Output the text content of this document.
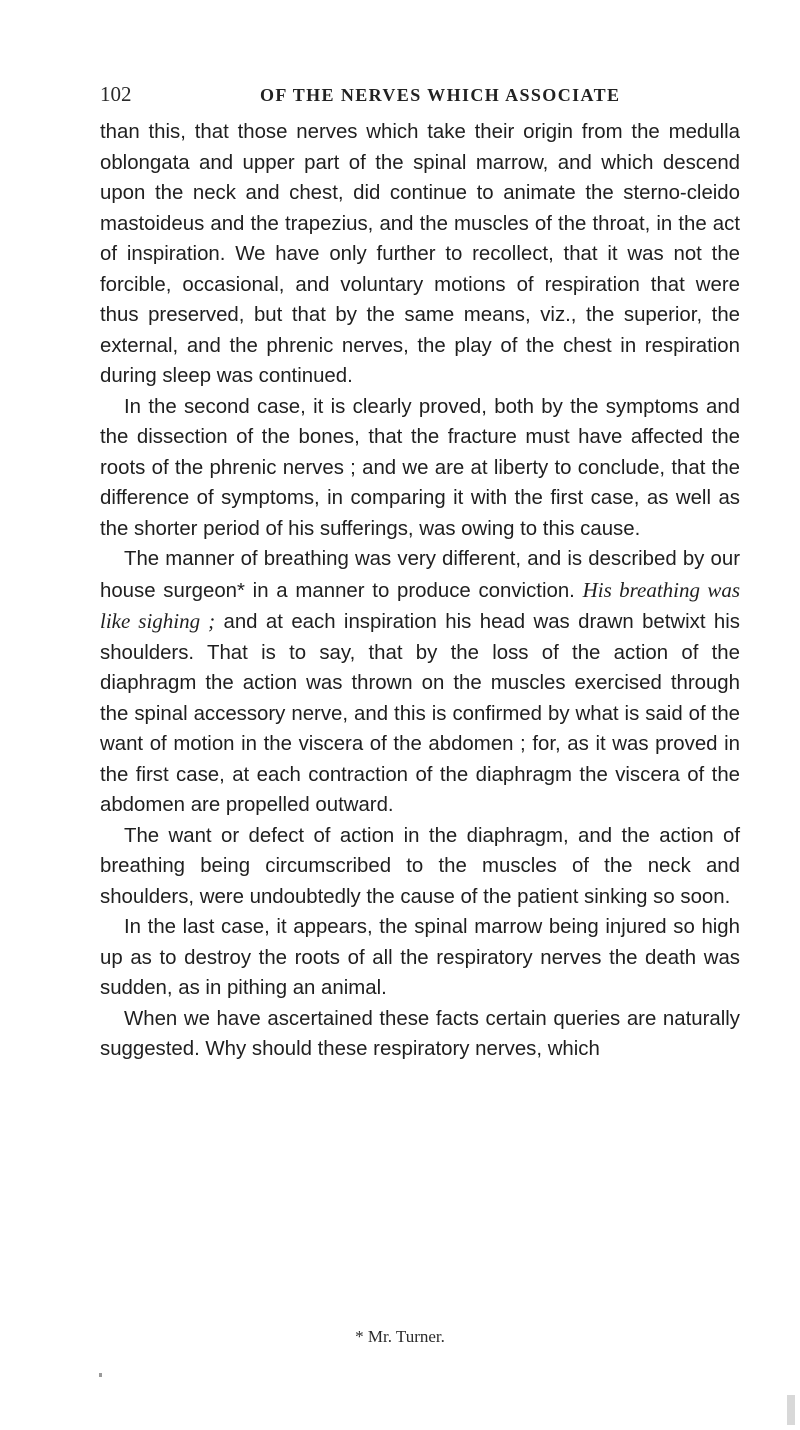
102	OF THE NERVES WHICH ASSOCIATE

than this, that those nerves which take their origin from the medulla oblongata and upper part of the spinal marrow, and which descend upon the neck and chest, did continue to animate the sterno-cleido mastoideus and the trapezius, and the muscles of the throat, in the act of inspiration. We have only further to recollect, that it was not the forcible, occasional, and voluntary motions of respiration that were thus preserved, but that by the same means, viz., the superior, the external, and the phrenic nerves, the play of the chest in respiration during sleep was continued.

In the second case, it is clearly proved, both by the symptoms and the dissection of the bones, that the fracture must have affected the roots of the phrenic nerves ; and we are at liberty to conclude, that the difference of symptoms, in comparing it with the first case, as well as the shorter period of his sufferings, was owing to this cause.

The manner of breathing was very different, and is described by our house surgeon* in a manner to produce conviction. His breathing was like sighing ; and at each inspiration his head was drawn betwixt his shoulders. That is to say, that by the loss of the action of the diaphragm the action was thrown on the muscles exercised through the spinal accessory nerve, and this is confirmed by what is said of the want of motion in the viscera of the abdomen ; for, as it was proved in the first case, at each contraction of the diaphragm the viscera of the abdomen are propelled outward.

The want or defect of action in the diaphragm, and the action of breathing being circumscribed to the muscles of the neck and shoulders, were undoubtedly the cause of the patient sinking so soon.

In the last case, it appears, the spinal marrow being injured so high up as to destroy the roots of all the respiratory nerves the death was sudden, as in pithing an animal.

When we have ascertained these facts certain queries are naturally suggested. Why should these respiratory nerves, which

* Mr. Turner.
